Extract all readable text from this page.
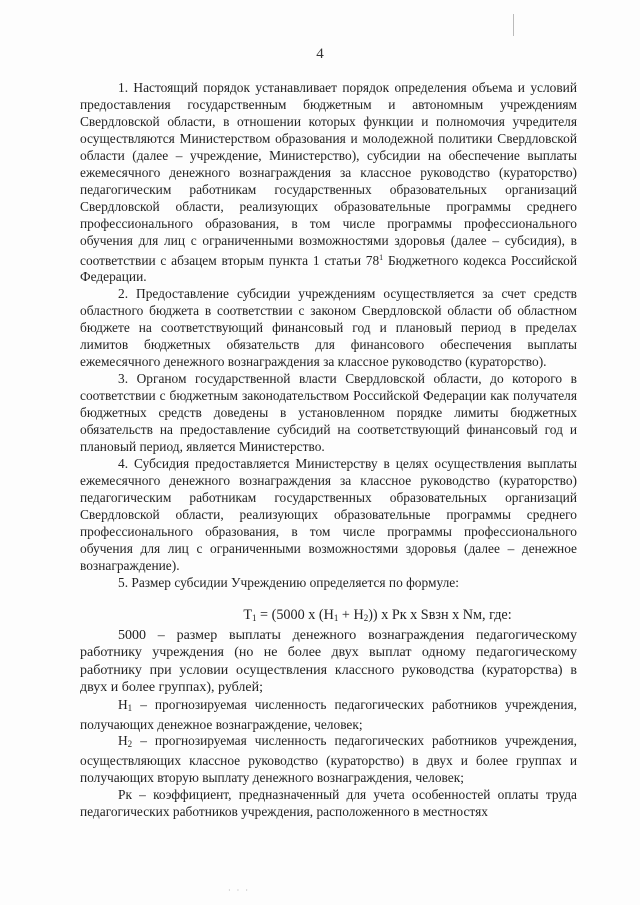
4

1. Настоящий порядок устанавливает порядок определения объема и условий предоставления государственным бюджетным и автономным учреждениям Свердловской области, в отношении которых функции и полномочия учредителя осуществляются Министерством образования и молодежной политики Свердловской области (далее – учреждение, Министерство), субсидии на обеспечение выплаты ежемесячного денежного вознаграждения за классное руководство (кураторство) педагогическим работникам государственных образовательных организаций Свердловской области, реализующих образовательные программы среднего профессионального образования, в том числе программы профессионального обучения для лиц с ограниченными возможностями здоровья (далее – субсидия), в соответствии с абзацем вторым пункта 1 статьи $78^1$ Бюджетного кодекса Российской Федерации.

2. Предоставление субсидии учреждениям осуществляется за счет средств областного бюджета в соответствии с законом Свердловской области об областном бюджете на соответствующий финансовый год и плановый период в пределах лимитов бюджетных обязательств для финансового обеспечения выплаты ежемесячного денежного вознаграждения за классное руководство (кураторство).

3. Органом государственной власти Свердловской области, до которого в соответствии с бюджетным законодательством Российской Федерации как получателя бюджетных средств доведены в установленном порядке лимиты бюджетных обязательств на предоставление субсидий на соответствующий финансовый год и плановый период, является Министерство.

4. Субсидия предоставляется Министерству в целях осуществления выплаты ежемесячного денежного вознаграждения за классное руководство (кураторство) педагогическим работникам государственных образовательных организаций Свердловской области, реализующих образовательные программы среднего профессионального образования, в том числе программы профессионального обучения для лиц с ограниченными возможностями здоровья (далее – денежное вознаграждение).

5. Размер субсидии Учреждению определяется по формуле:

$Т_1 = (5000$ x $(Н_1 + Н_2)$) x Рк x Sвзн x Nм, где:

5000 – размер выплаты денежного вознаграждения педагогическому работнику учреждения (но не более двух выплат одному педагогическому работнику при условии осуществления классного руководства (кураторства) в двух и более группах), рублей;

$Н_1$ – прогнозируемая численность педагогических работников учреждения, получающих денежное вознаграждение, человек;

$Н_2$ – прогнозируемая численность педагогических работников учреждения, осуществляющих классное руководство (кураторство) в двух и более группах и получающих вторую выплату денежного вознаграждения, человек;

Рк – коэффициент, предназначенный для учета особенностей оплаты труда педагогических работников учреждения, расположенного в местностях

· · ·
